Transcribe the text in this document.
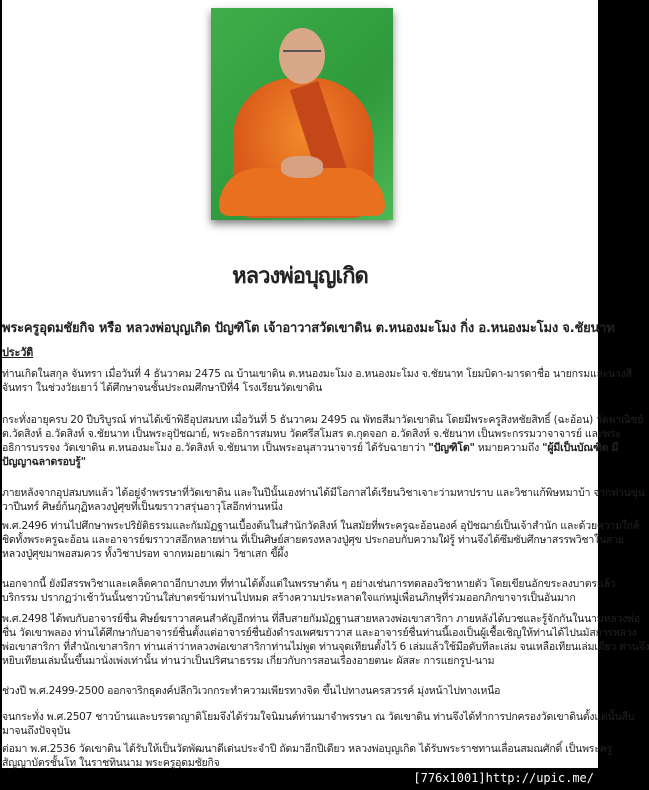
หลวงพ่อบุญเกิด
พระครูอุดมชัยกิจ หรือ หลวงพ่อบุญเกิด ปัญฑิโต เจ้าอาวาสวัดเขาดิน ต.หนองมะโมง กิ่ง อ.หนองมะโมง จ.ชัยนาท
ประวัติ
ท่านเกิดในสกุล จันทรา เมื่อวันที่ 4 ธันวาคม 2475 ณ บ้านเขาดิน ต.หนองมะโมง อ.หนองมะโมง จ.ชัยนาท โยมบิดา-มารดาชื่อ นายกรมและนางสี
จันทรา ในช่วงวัยเยาว์ ได้ศึกษาจนชั้นประถมศึกษาปีที่4 โรงเรียนวัดเขาดิน
กระทั่งอายุครบ 20 ปีบริบูรณ์ ท่านได้เข้าพิธีอุปสมบท เมื่อวันที่ 5 ธันวาคม 2495 ณ พัทธสีมาวัดเขาดิน โดยมีพระครูสิงหชัยสิทธิ์ (ฉะอ้อน) วัดพาณิชย์
ต.วัดสิงห์ อ.วัดสิงห์ จ.ชัยนาท เป็นพระอุปัชฌาย์, พระอธิการสมหบ วัดศรีสโมสร ต.กุดจอก อ.วัดสิงห์ จ.ชัยนาท เป็นพระกรรมวาจาจารย์ และพระ
อธิการบรรจง วัดเขาดิน ต.หนองมะโมง อ.วัดสิงห์ จ.ชัยนาท เป็นพระอนุสาวนาจารย์ ได้รับฉายาว่า "ปัญฑิโต" หมายความถึง "ผู้มีเป็นบัณฑิต มี
ปัญญาฉลาดรอบรู้"
ภายหลังจากอุปสมบทแล้ว ได้อยู่จำพรรษาที่วัดเขาดิน และในปีนั้นเองท่านได้มีโอกาสได้เรียนวิชาเจาะว่ามหาปราบ และวิชาแก้พิษหมาบ้า จากท่านขุน
วาปีนทร์ ศิษย์ก้นกุฏิหลวงปู่ศุขที่เป็นฆราวาสรุ่นอาวุโสอีกท่านหนึ่ง
พ.ศ.2496 ท่านไปศึกษาพระปริยัติธรรมและกัมมัฏฐานเบื้องต้นในสำนักวัดสิงห์ ในสมัยที่พระครูฉะอ้อนองค์ อุปัชฌาย์เป็นเจ้าสำนัก และด้วยความใกล้
ชิดทั้งพระครูฉะอ้อน และอาจารย์ฆราวาสอีกหลายท่าน ที่เป็นศิษย์สายตรงหลวงปู่ศุข ประกอบกับความใฝ่รู้ ท่านจึงได้ซึมซับศึกษาสรรพวิชาในสาย
หลวงปู่ศุขมาพอสมควร ทั้งวิชาปรอท จากหมอยาเฒ่า วิชาเสก ขี้ผึ้ง
นอกจากนี้ ยังมีสรรพวิชาและเคล็ดคาถาอีกบางบท ที่ท่านได้ตั้งแต่ในพรรษาต้น ๆ อย่างเช่นการทดลองวิชาหายตัว โดยเขียนอักขระลงบาตรแล้ว
บริกรรม ปรากฏว่าเช้าวันนั้นชาวบ้านใส่บาตรข้ามท่านไปหมด สร้างความประหลาดใจแก่หมู่เพื่อนภิกษุที่ร่วมออกภิกขาจารเป็นอันมาก
พ.ศ.2498 ได้พบกับอาจารย์ชื่น ศิษย์ฆราวาสคนสำคัญอีกท่าน ที่สืบสายกัมมัฏฐานสายหลวงพ่อเขาสาริกา ภายหลังได้บวชและรู้จักกันในนามหลวงพ่อ
ชื่น วัดเขาพลอง ท่านได้ศึกษากับอาจารย์ชื่นตั้งแต่อาจารย์ชื่นยังดำรงเพศฆราวาส และอาจารย์ชื่นท่านนี้เองเป็นผู้เชื้อเชิญให้ท่านได้ไปนมัสการหลวง
พ่อเขาสาริกา ที่สำนักเขาสาริกา ท่านเล่าว่าหลวงพ่อเขาสาริกาท่านไม่พูด ท่านจุดเทียนตั้งไว้ 6 เล่มแล้วใช้มือดับทีละเล่ม จนเหลือเทียนเล่มเดียว ท่านจึง
หยิบเทียนเล่มนั้นขึ้นมานั่งเพ่งเท่านั้น ท่านว่าเป็นปริศนาธรรม เกี่ยวกับการสอนเรื่องอายตนะ ผัสสะ การแยกรูป-นาม
ช่วงปี พ.ศ.2499-2500 ออกจาริกธุดงค์ปลีกวิเวกกระทำความเพียรทางจิต ขึ้นไปทางนครสวรรค์ มุ่งหน้าไปทางเหนือ
จนกระทั่ง พ.ศ.2507 ชาวบ้านและบรรดาญาติโยมจึงได้ร่วมใจนิมนต์ท่านมาจำพรรษา ณ วัดเขาดิน ท่านจึงได้ทำการปกครองวัดเขาดินตั้งแต่นั้นสืบ
มาจนถึงปัจจุบัน
ต่อมา พ.ศ.2536 วัดเขาดิน ได้รับให้เป็นวัดพัฒนาดีเด่นประจำปี ถัดมาอีกปีเดียว หลวงพ่อบุญเกิด ได้รับพระราชทานเลื่อนสมณศักดิ์ เป็นพระครู
สัญญาบัตรชั้นโท ในราชทินนาม พระครูอุดมชัยกิจ
[776x1001]http://upic.me/
